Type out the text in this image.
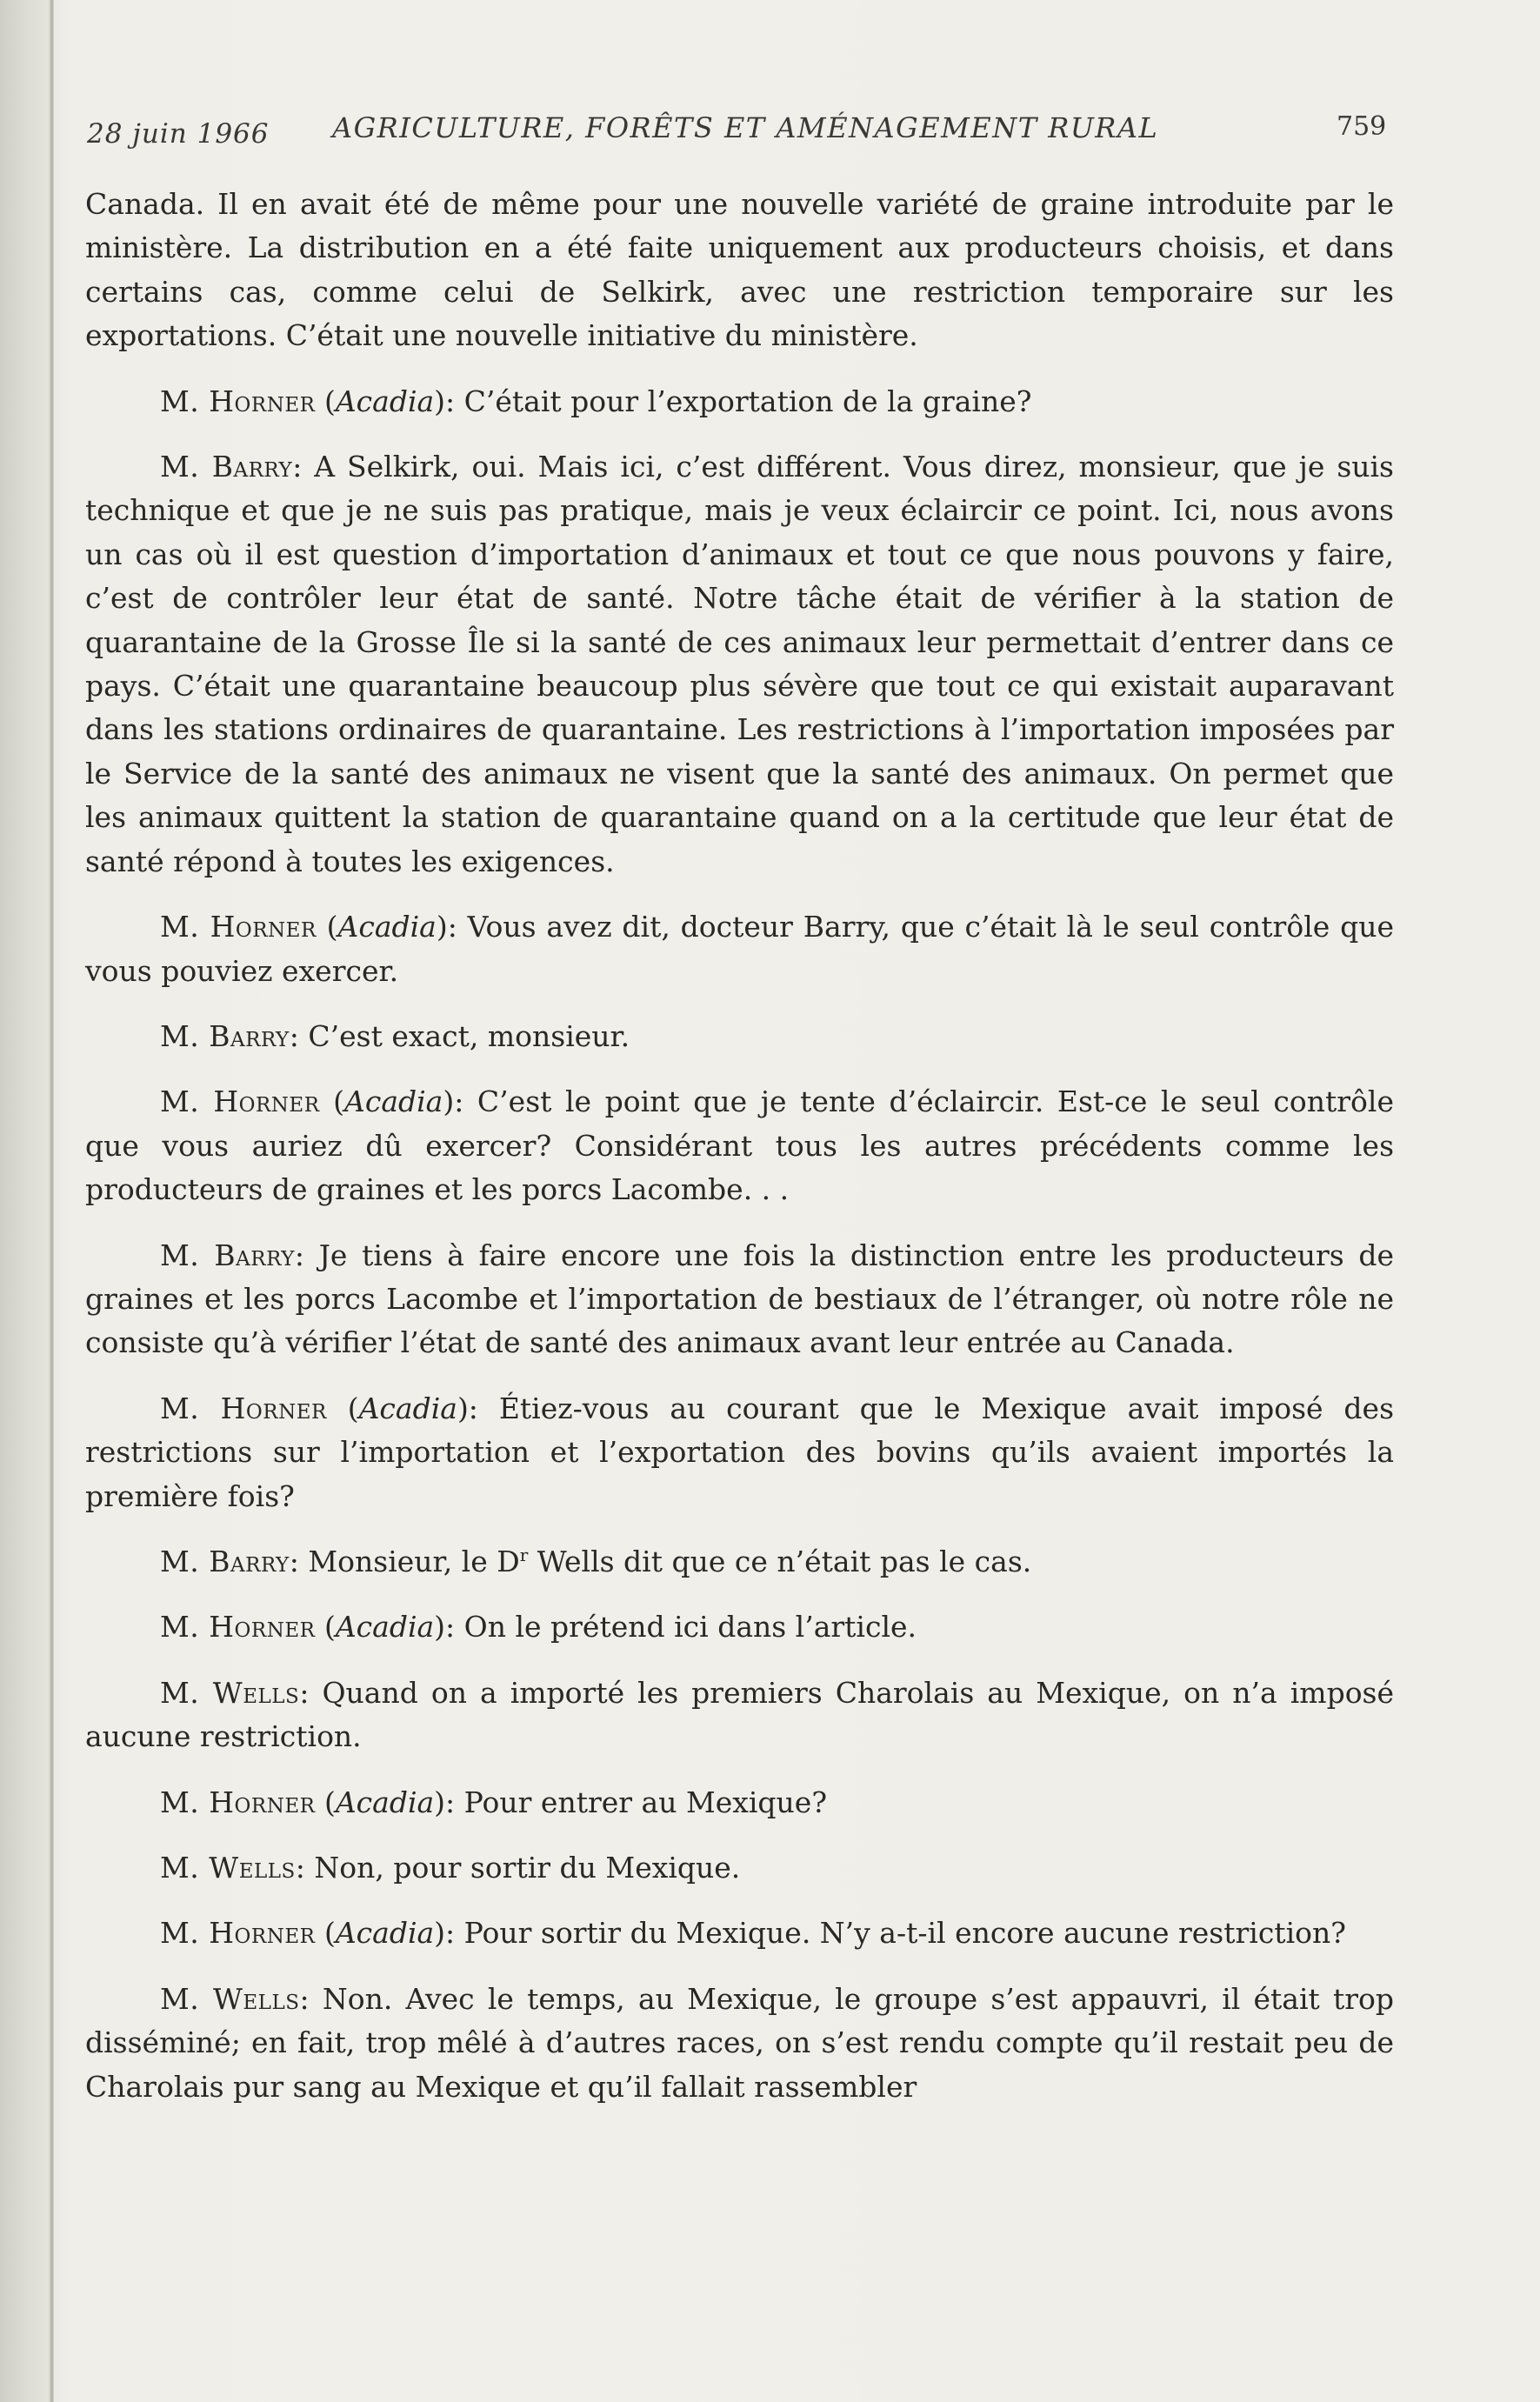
28 juin 1966 AGRICULTURE, FORÊTS ET AMÉNAGEMENT RURAL	759

Canada. Il en avait été de même pour une nouvelle variété de graine introduite par le ministère. La distribution en a été faite uniquement aux producteurs choisis, et dans certains cas, comme celui de Selkirk, avec une restriction temporaire sur les exportations. C’était une nouvelle initiative du ministère.

M. Horner (Acadia): C’était pour l’exportation de la graine?

M. Barry: A Selkirk, oui. Mais ici, c’est différent. Vous direz, monsieur, que je suis technique et que je ne suis pas pratique, mais je veux éclaircir ce point. Ici, nous avons un cas où il est question d’importation d’animaux et tout ce que nous pouvons y faire, c’est de contrôler leur état de santé. Notre tâche était de vérifier à la station de quarantaine de la Grosse Île si la santé de ces animaux leur permettait d’entrer dans ce pays. C’était une quarantaine beaucoup plus sévère que tout ce qui existait auparavant dans les stations ordinaires de quarantaine. Les restrictions à l’importation imposées par le Service de la santé des animaux ne visent que la santé des animaux. On permet que les animaux quittent la station de quarantaine quand on a la certitude que leur état de santé répond à toutes les exigences.

M. Horner (Acadia): Vous avez dit, docteur Barry, que c’était là le seul contrôle que vous pouviez exercer.

M. Barry: C’est exact, monsieur.

M. Horner (Acadia): C’est le point que je tente d’éclaircir. Est-ce le seul contrôle que vous auriez dû exercer? Considérant tous les autres précédents comme les producteurs de graines et les porcs Lacombe. . .

M. Barry: Je tiens à faire encore une fois la distinction entre les producteurs de graines et les porcs Lacombe et l’importation de bestiaux de l’étranger, où notre rôle ne consiste qu’à vérifier l’état de santé des animaux avant leur entrée au Canada.

M. Horner (Acadia): Étiez-vous au courant que le Mexique avait imposé des restrictions sur l’importation et l’exportation des bovins qu’ils avaient importés la première fois?

M. Barry: Monsieur, le $D^r$ Wells dit que ce n’était pas le cas.

M. Horner (Acadia): On le prétend ici dans l’article.

M. Wells: Quand on a importé les premiers Charolais au Mexique, on n’a imposé aucune restriction.

M. Horner (Acadia): Pour entrer au Mexique?

M. Wells: Non, pour sortir du Mexique.

M. Horner (Acadia): Pour sortir du Mexique. N’y a-t-il encore aucune restriction?

M. Wells: Non. Avec le temps, au Mexique, le groupe s’est appauvri, il était trop disséminé; en fait, trop mêlé à d’autres races, on s’est rendu compte qu’il restait peu de Charolais pur sang au Mexique et qu’il fallait rassembler
